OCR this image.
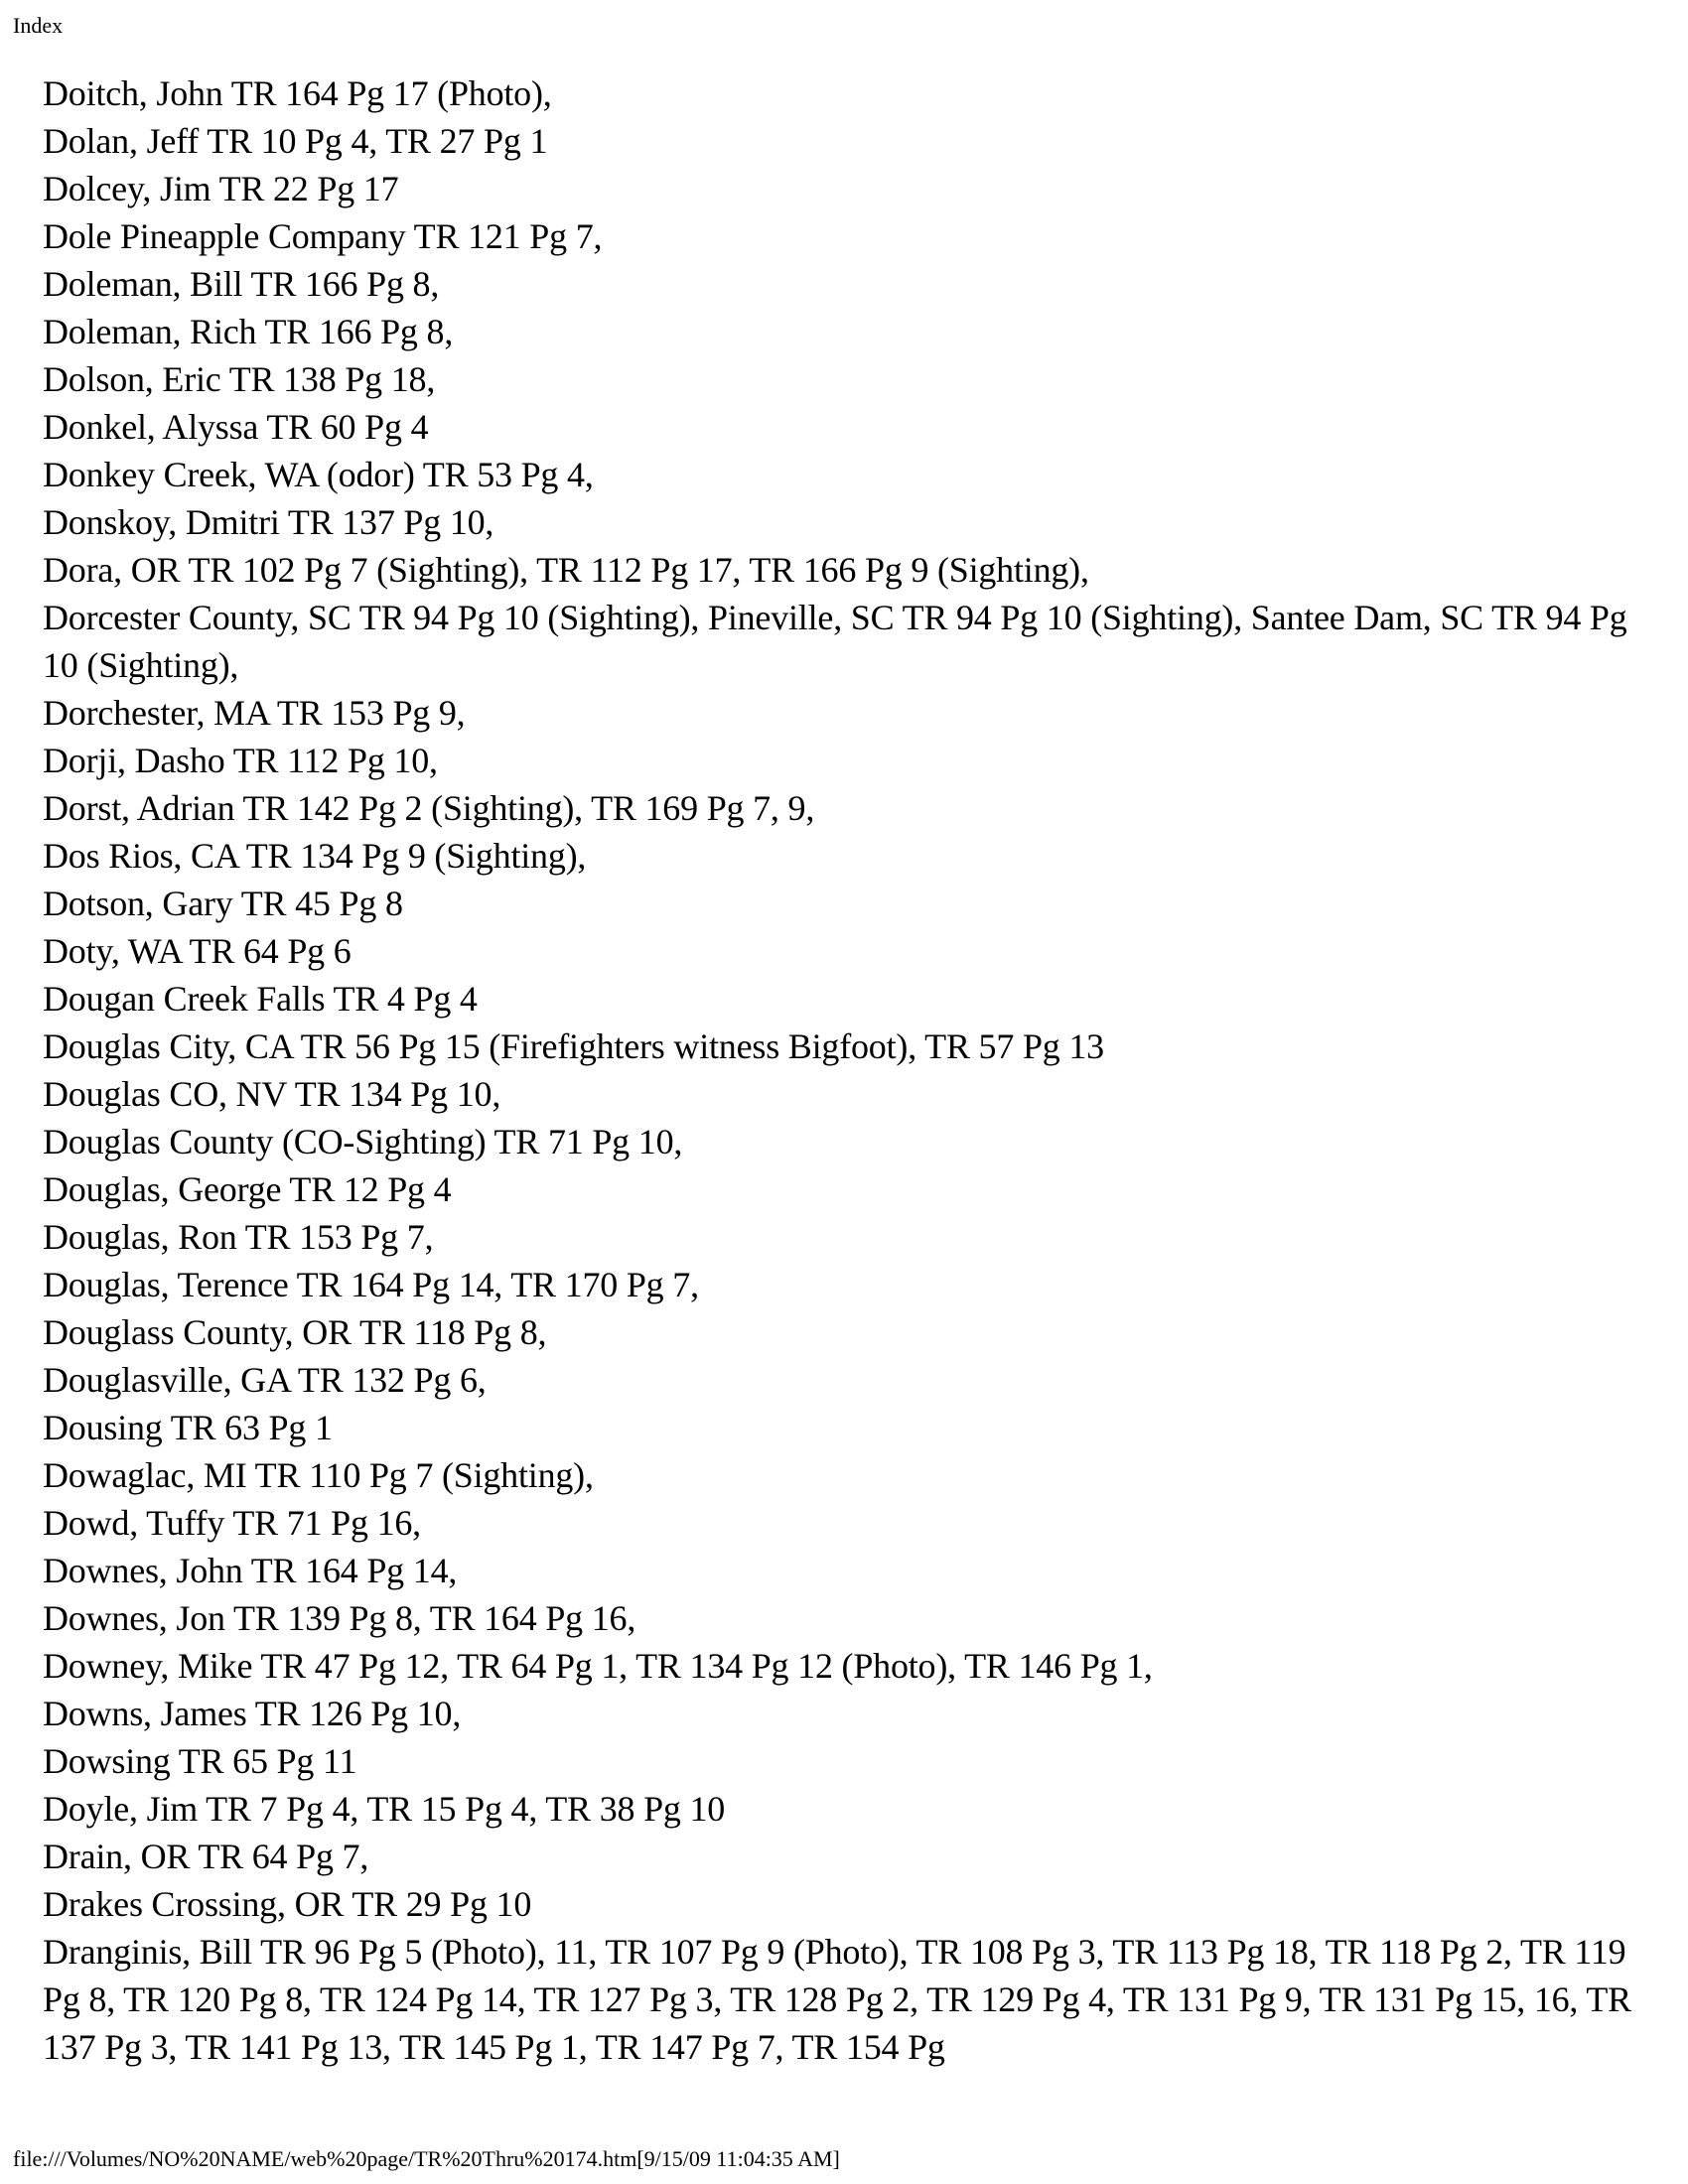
Index
Doitch, John TR 164 Pg 17 (Photo),
Dolan, Jeff TR 10 Pg 4, TR 27 Pg 1
Dolcey, Jim TR 22 Pg 17
Dole Pineapple Company TR 121 Pg 7,
Doleman, Bill TR 166 Pg 8,
Doleman, Rich TR 166 Pg 8,
Dolson, Eric TR 138 Pg 18,
Donkel, Alyssa TR 60 Pg 4
Donkey Creek, WA (odor) TR 53 Pg 4,
Donskoy, Dmitri TR 137 Pg 10,
Dora, OR TR 102 Pg 7 (Sighting), TR 112 Pg 17, TR 166 Pg 9 (Sighting),
Dorcester County, SC TR 94 Pg 10 (Sighting), Pineville, SC TR 94 Pg 10 (Sighting), Santee Dam, SC TR 94 Pg 10 (Sighting),
Dorchester, MA TR 153 Pg 9,
Dorji, Dasho TR 112 Pg 10,
Dorst, Adrian TR 142 Pg 2 (Sighting), TR 169 Pg 7, 9,
Dos Rios, CA TR 134 Pg 9 (Sighting),
Dotson, Gary TR 45 Pg 8
Doty, WA TR 64 Pg 6
Dougan Creek Falls TR 4 Pg 4
Douglas City, CA TR 56 Pg 15 (Firefighters witness Bigfoot), TR 57 Pg 13
Douglas CO, NV TR 134 Pg 10,
Douglas County (CO-Sighting) TR 71 Pg 10,
Douglas, George TR 12 Pg 4
Douglas, Ron TR 153 Pg 7,
Douglas, Terence TR 164 Pg 14, TR 170 Pg 7,
Douglass County, OR TR 118 Pg 8,
Douglasville, GA TR 132 Pg 6,
Dousing TR 63 Pg 1
Dowaglac, MI TR 110 Pg 7 (Sighting),
Dowd, Tuffy TR 71 Pg 16,
Downes, John TR 164 Pg 14,
Downes, Jon TR 139 Pg 8, TR 164 Pg 16,
Downey, Mike TR 47 Pg 12, TR 64 Pg 1, TR 134 Pg 12 (Photo), TR 146 Pg 1,
Downs, James TR 126 Pg 10,
Dowsing TR 65 Pg 11
Doyle, Jim TR 7 Pg 4, TR 15 Pg 4, TR 38 Pg 10
Drain, OR TR 64 Pg 7,
Drakes Crossing, OR TR 29 Pg 10
Dranginis, Bill TR 96 Pg 5 (Photo), 11, TR 107 Pg 9 (Photo), TR 108 Pg 3, TR 113 Pg 18, TR 118 Pg 2, TR 119 Pg 8, TR 120 Pg 8, TR 124 Pg 14, TR 127 Pg 3, TR 128 Pg 2, TR 129 Pg 4, TR 131 Pg 9, TR 131 Pg 15, 16, TR 137 Pg 3, TR 141 Pg 13, TR 145 Pg 1, TR 147 Pg 7, TR 154 Pg
file:///Volumes/NO%20NAME/web%20page/TR%20Thru%20174.htm[9/15/09 11:04:35 AM]
